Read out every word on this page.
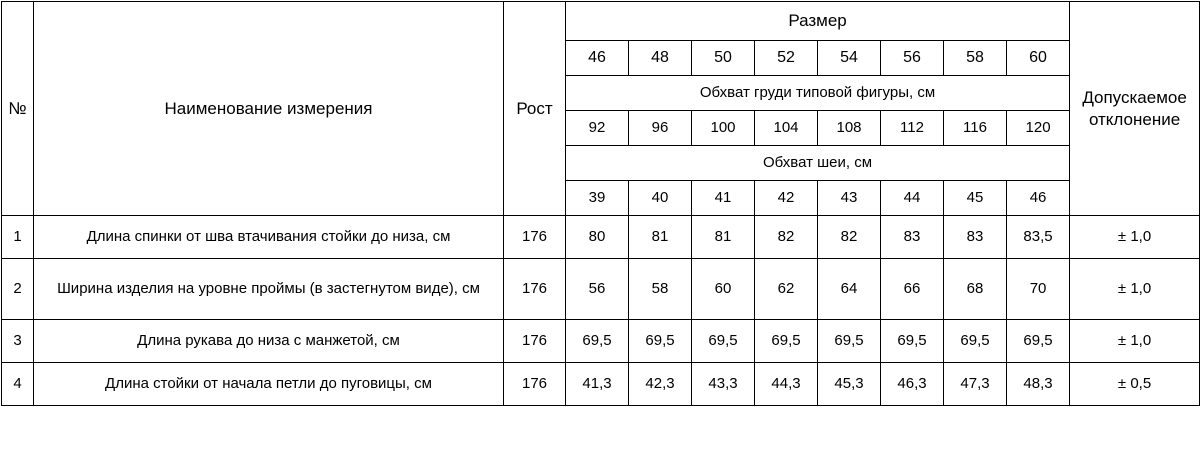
№	Наименование измерения	Рост	Размер								Допускаемое отклонение
			46	48	50	52	54	56	58	60	
			Обхват груди типовой фигуры, см								
			92	96	100	104	108	112	116	120	
			Обхват шеи, см								
			39	40	41	42	43	44	45	46	
1	Длина спинки от шва втачивания стойки до низа, см	176	80	81	81	82	82	83	83	83,5	± 1,0
2	Ширина изделия на уровне проймы (в застегнутом виде), см	176	56	58	60	62	64	66	68	70	± 1,0
3	Длина рукава до низа с манжетой, см	176	69,5	69,5	69,5	69,5	69,5	69,5	69,5	69,5	± 1,0
4	Длина стойки от начала петли до пуговицы, см	176	41,3	42,3	43,3	44,3	45,3	46,3	47,3	48,3	± 0,5
